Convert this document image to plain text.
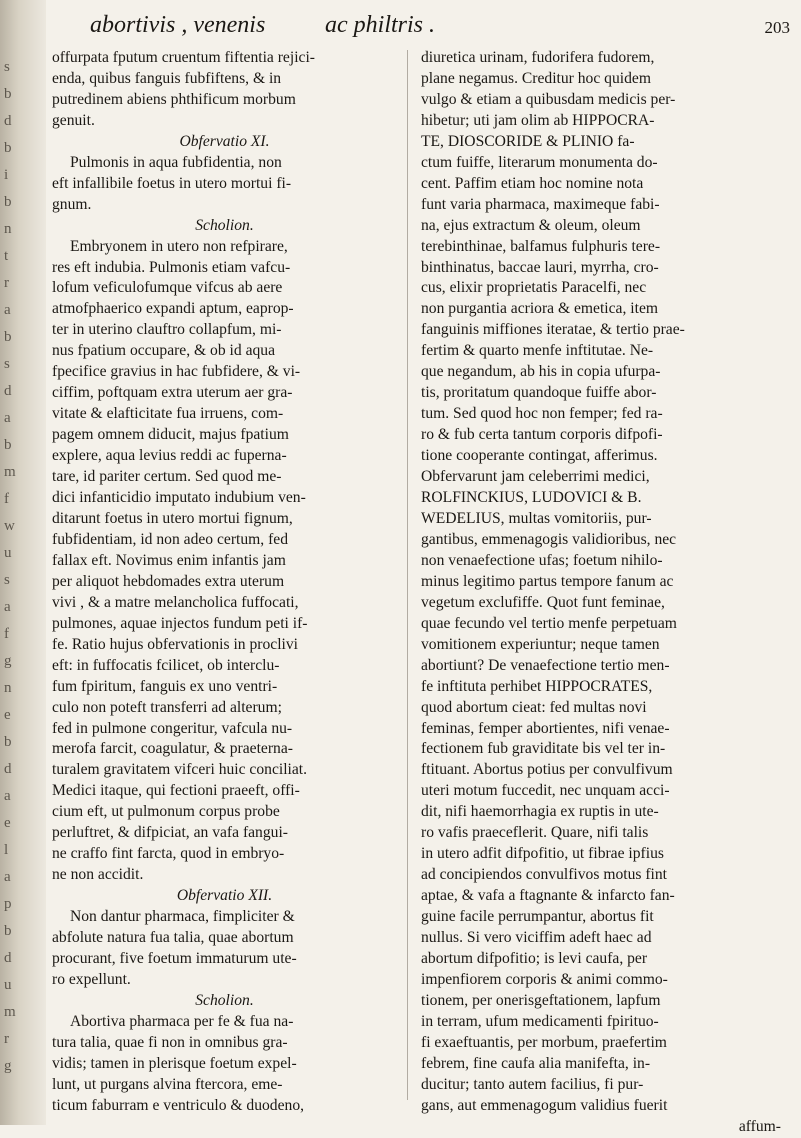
s
b
d
b
i
b
n
t
r
a
b
s
d
a
b
m
f
w
u
s
a
f
g
n
e
b
d
a
e
l
a
p
b
d
u
m
r
g
abortivis , venenis ac philtris .	203
offurpata fputum cruentum fiftentia rejici-
enda, quibus fanguis fubfiftens, & in
putredinem abiens phthificum morbum
genuit.
Obfervatio XI.
Pulmonis in aqua fubfidentia, non
eft infallibile foetus in utero mortui fi-
gnum.
Scholion.
Embryonem in utero non refpirare,
res eft indubia. Pulmonis etiam vafcu-
lofum veficulofumque vifcus ab aere
atmofphaerico expandi aptum, eaprop-
ter in uterino clauftro collapfum, mi-
nus fpatium occupare, & ob id aqua
fpecifice gravius in hac fubfidere, & vi-
ciffim, poftquam extra uterum aer gra-
vitate & elafticitate fua irruens, com-
pagem omnem diducit, majus fpatium
explere, aqua levius reddi ac fuperna-
tare, id pariter certum. Sed quod me-
dici infanticidio imputato indubium ven-
ditarunt foetus in utero mortui fignum,
fubfidentiam, id non adeo certum, fed
fallax eft. Novimus enim infantis jam
per aliquot hebdomades extra uterum
vivi , & a matre melancholica fuffocati,
pulmones, aquae injectos fundum peti if-
fe. Ratio hujus obfervationis in proclivi
eft: in fuffocatis fcilicet, ob interclu-
fum fpiritum, fanguis ex uno ventri-
culo non poteft transferri ad alterum;
fed in pulmone congeritur, vafcula nu-
merofa farcit, coagulatur, & praeterna-
turalem gravitatem vifceri huic conciliat.
Medici itaque, qui fectioni praeeft, offi-
cium eft, ut pulmonum corpus probe
perluftret, & difpiciat, an vafa fangui-
ne craffo fint farcta, quod in embryo-
ne non accidit.
Obfervatio XII.
Non dantur pharmaca, fimpliciter &
abfolute natura fua talia, quae abortum
procurant, five foetum immaturum ute-
ro expellunt.
Scholion.
Abortiva pharmaca per fe & fua na-
tura talia, quae fi non in omnibus gra-
vidis; tamen in plerisque foetum expel-
lunt, ut purgans alvina ftercora, eme-
ticum faburram e ventriculo & duodeno,
diuretica urinam, fudorifera fudorem,
plane negamus. Creditur hoc quidem
vulgo & etiam a quibusdam medicis per-
hibetur; uti jam olim ab HIPPOCRA-
TE, DIOSCORIDE & PLINIO fa-
ctum fuiffe, literarum monumenta do-
cent. Paffim etiam hoc nomine nota
funt varia pharmaca, maximeque fabi-
na, ejus extractum & oleum, oleum
terebinthinae, balfamus fulphuris tere-
binthinatus, baccae lauri, myrrha, cro-
cus, elixir proprietatis Paracelfi, nec
non purgantia acriora & emetica, item
fanguinis miffiones iteratae, & tertio prae-
fertim & quarto menfe inftitutae. Ne-
que negandum, ab his in copia ufurpa-
tis, proritatum quandoque fuiffe abor-
tum. Sed quod hoc non femper; fed ra-
ro & fub certa tantum corporis difpofi-
tione cooperante contingat, afferimus.
Obfervarunt jam celeberrimi medici,
ROLFINCKIUS, LUDOVICI & B.
WEDELIUS, multas vomitoriis, pur-
gantibus, emmenagogis validioribus, nec
non venaefectione ufas; foetum nihilo-
minus legitimo partus tempore fanum ac
vegetum exclufiffe. Quot funt feminae,
quae fecundo vel tertio menfe perpetuam
vomitionem experiuntur; neque tamen
abortiunt? De venaefectione tertio men-
fe inftituta perhibet HIPPOCRATES,
quod abortum cieat: fed multas novi
feminas, femper abortientes, nifi venae-
fectionem fub graviditate bis vel ter in-
ftituant. Abortus potius per convulfivum
uteri motum fuccedit, nec unquam acci-
dit, nifi haemorrhagia ex ruptis in ute-
ro vafis praeceflerit. Quare, nifi talis
in utero adfit difpofitio, ut fibrae ipfius
ad concipiendos convulfivos motus fint
aptae, & vafa a ftagnante & infarcto fan-
guine facile perrumpantur, abortus fit
nullus. Si vero viciffim adeft haec ad
abortum difpofitio; is levi caufa, per
impenfiorem corporis & animi commo-
tionem, per onerisgeftationem, lapfum
in terram, ufum medicamenti fpirituo-
fi exaeftuantis, per morbum, praefertim
febrem, fine caufa alia manifefta, in-
ducitur; tanto autem facilius, fi pur-
gans, aut emmenagogum validius fuerit
affum-
